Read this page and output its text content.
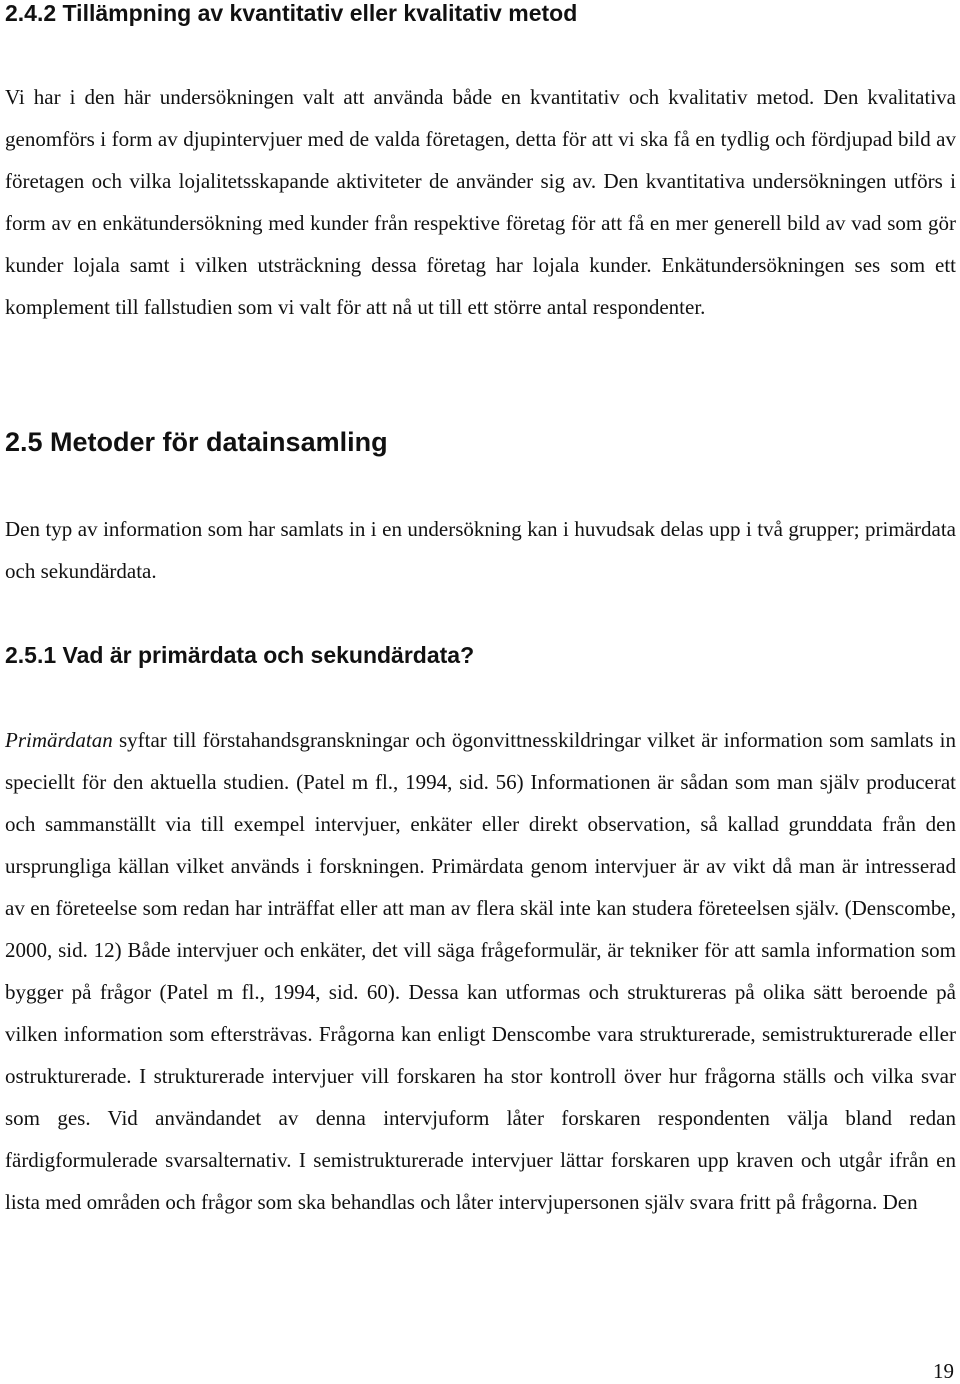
2.4.2 Tillämpning av kvantitativ eller kvalitativ metod

Vi har i den här undersökningen valt att använda både en kvantitativ och kvalitativ metod. Den kvalitativa genomförs i form av djupintervjuer med de valda företagen, detta för att vi ska få en tydlig och fördjupad bild av företagen och vilka lojalitetsskapande aktiviteter de använder sig av. Den kvantitativa undersökningen utförs i form av en enkätundersökning med kunder från respektive företag för att få en mer generell bild av vad som gör kunder lojala samt i vilken utsträckning dessa företag har lojala kunder. Enkätundersökningen ses som ett komplement till fallstudien som vi valt för att nå ut till ett större antal respondenter.

2.5 Metoder för datainsamling

Den typ av information som har samlats in i en undersökning kan i huvudsak delas upp i två grupper; primärdata och sekundärdata.

2.5.1 Vad är primärdata och sekundärdata?

Primärdatan syftar till förstahandsgranskningar och ögonvittnesskildringar vilket är information som samlats in speciellt för den aktuella studien. (Patel m fl., 1994, sid. 56) Informationen är sådan som man själv producerat och sammanställt via till exempel intervjuer, enkäter eller direkt observation, så kallad grunddata från den ursprungliga källan vilket används i forskningen. Primärdata genom intervjuer är av vikt då man är intresserad av en företeelse som redan har inträffat eller att man av flera skäl inte kan studera företeelsen själv. (Denscombe, 2000, sid. 12) Både intervjuer och enkäter, det vill säga frågeformulär, är tekniker för att samla information som bygger på frågor (Patel m fl., 1994, sid. 60). Dessa kan utformas och struktureras på olika sätt beroende på vilken information som eftersträvas. Frågorna kan enligt Denscombe vara strukturerade, semistrukturerade eller ostrukturerade. I strukturerade intervjuer vill forskaren ha stor kontroll över hur frågorna ställs och vilka svar som ges. Vid användandet av denna intervjuform låter forskaren respondenten välja bland redan färdigformulerade svarsalternativ. I semistrukturerade intervjuer lättar forskaren upp kraven och utgår ifrån en lista med områden och frågor som ska behandlas och låter intervjupersonen själv svara fritt på frågorna. Den

19
